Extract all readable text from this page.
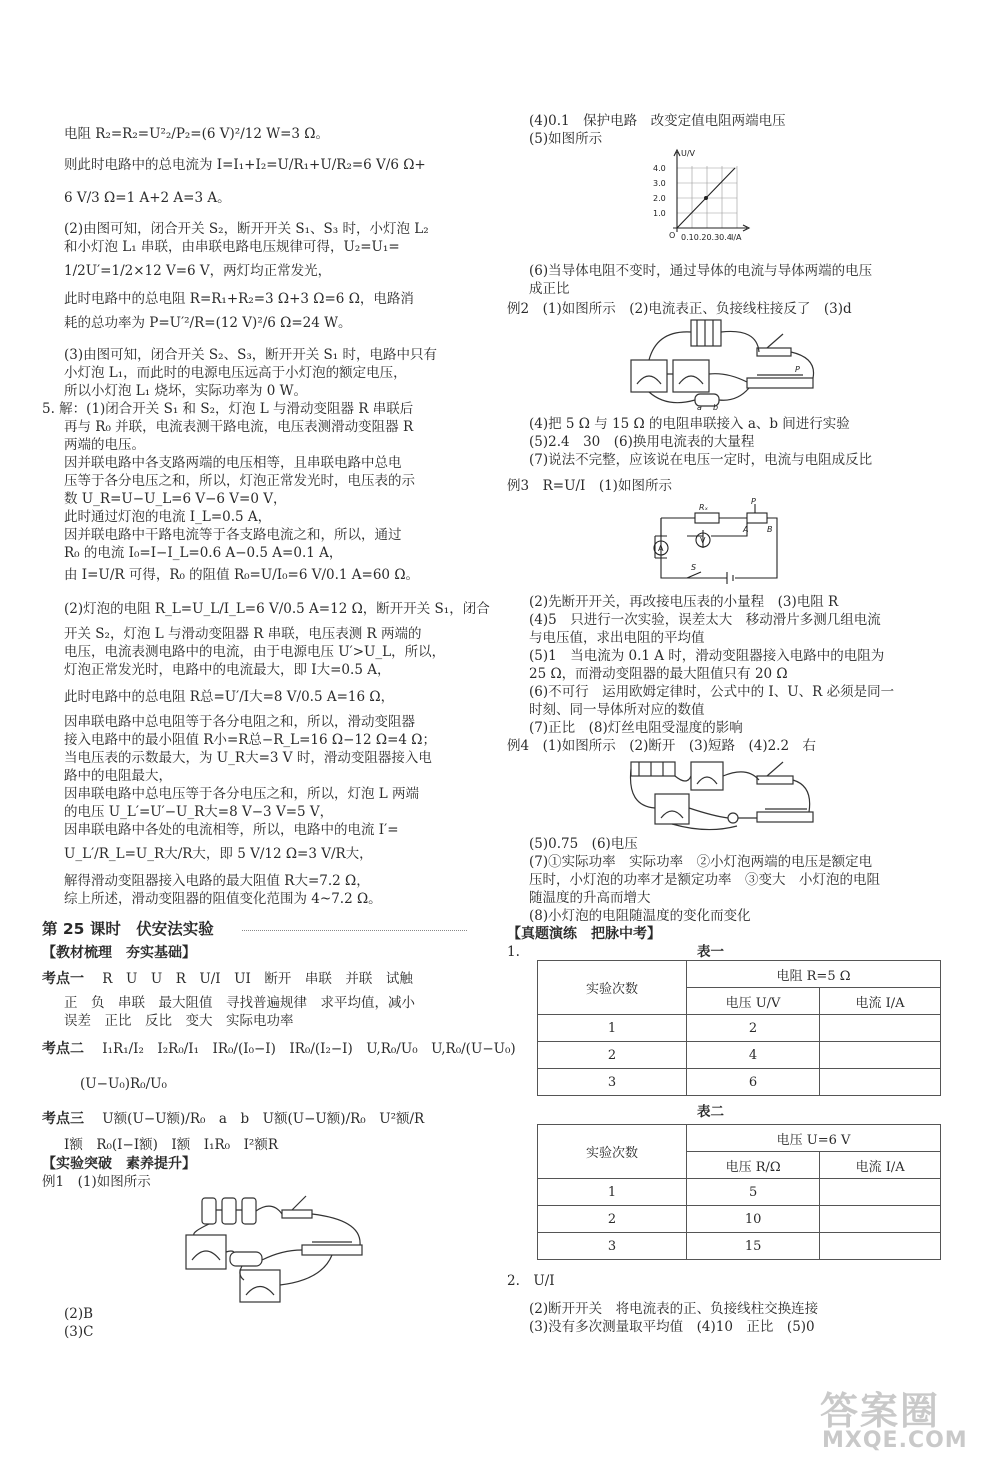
电阻 R₂=R₂=U²₂/P₂=(6 V)²/12 W=3 Ω。
则此时电路中的总电流为 I=I₁+I₂=U/R₁+U/R₂=6 V/6 Ω+
6 V/3 Ω=1 A+2 A=3 A。
(2)由图可知，闭合开关 S₂，断开开关 S₁、S₃ 时，小灯泡 L₂
和小灯泡 L₁ 串联，由串联电路电压规律可得，U₂=U₁=
1/2U′=1/2×12 V=6 V，两灯均正常发光，
此时电路中的总电阻 R=R₁+R₂=3 Ω+3 Ω=6 Ω，电路消
耗的总功率为 P=U′²/R=(12 V)²/6 Ω=24 W。
(3)由图可知，闭合开关 S₂、S₃，断开开关 S₁ 时，电路中只有
小灯泡 L₁，而此时的电源电压远高于小灯泡的额定电压，
所以小灯泡 L₁ 烧坏，实际功率为 0 W。
5. 解：(1)闭合开关 S₁ 和 S₂，灯泡 L 与滑动变阻器 R 串联后
再与 R₀ 并联，电流表测干路电流，电压表测滑动变阻器 R
两端的电压。
因并联电路中各支路两端的电压相等，且串联电路中总电
压等于各分电压之和，所以，灯泡正常发光时，电压表的示
数 U_R=U−U_L=6 V−6 V=0 V，
此时通过灯泡的电流 I_L=0.5 A，
因并联电路中干路电流等于各支路电流之和，所以，通过
R₀ 的电流 I₀=I−I_L=0.6 A−0.5 A=0.1 A，
由 I=U/R 可得，R₀ 的阻值 R₀=U/I₀=6 V/0.1 A=60 Ω。
(2)灯泡的电阻 R_L=U_L/I_L=6 V/0.5 A=12 Ω，断开开关 S₁，闭合
开关 S₂，灯泡 L 与滑动变阻器 R 串联，电压表测 R 两端的
电压，电流表测电路中的电流，由于电源电压 U′>U_L，所以，
灯泡正常发光时，电路中的电流最大，即 I大=0.5 A，
此时电路中的总电阻 R总=U′/I大=8 V/0.5 A=16 Ω，
因串联电路中总电阻等于各分电阻之和，所以，滑动变阻器
接入电路中的最小阻值 R小=R总−R_L=16 Ω−12 Ω=4 Ω；
当电压表的示数最大，为 U_R大=3 V 时，滑动变阻器接入电
路中的电阻最大，
因串联电路中总电压等于各分电压之和，所以，灯泡 L 两端
的电压 U_L′=U′−U_R大=8 V−3 V=5 V，
因串联电路中各处的电流相等，所以，电路中的电流 I′=
U_L′/R_L=U_R大/R大，即 5 V/12 Ω=3 V/R大，
解得滑动变阻器接入电路的最大阻值 R大=7.2 Ω，
综上所述，滑动变阻器的阻值变化范围为 4~7.2 Ω。
第 25 课时 伏安法实验
【教材梳理　夯实基础】
考点一 R　U　U　R　U/I　UI　断开　串联　并联　试触
正　负　串联　最大阻值　寻找普遍规律　求平均值，减小
误差　正比　反比　变大　实际电功率
考点二 I₁R₁/I₂　I₂R₀/I₁　IR₀/(I₀−I)　IR₀/(I₂−I)　U,R₀/U₀　U,R₀/(U−U₀)
(U−U₀)R₀/U₀
考点三 U额(U−U额)/R₀　a　b　U额(U−U额)/R₀　U²额/R
I额　R₀(I−I额)　I额　I₁R₀　I²额R
【实验突破　素养提升】
例1　(1)如图所示
(2)B
(3)C
(4)0.1　保护电路　改变定值电阻两端电压
(5)如图所示
U/V
I/A
4.0
3.0
2.0
1.0
O 0.10.20.30.4
(6)当导体电阻不变时，通过导体的电流与导体两端的电压
成正比
例2　(1)如图所示　(2)电流表正、负接线柱接反了　(3)d
P
a b
(4)把 5 Ω 与 15 Ω 的电阻串联接入 a、b 间进行实验
(5)2.4　30　(6)换用电流表的大量程
(7)说法不完整，应该说在电压一定时，电流与电阻成反比
例3　R=U/I　(1)如图所示
A
V
Rₓ
P
A B
S
(2)先断开开关，再改接电压表的小量程　(3)电阻 R
(4)5　只进行一次实验，误差太大　移动滑片多测几组电流
与电压值，求出电阻的平均值
(5)1　当电流为 0.1 A 时，滑动变阻器接入电路中的电阻为
25 Ω，而滑动变阻器的最大阻值只有 20 Ω
(6)不可行　运用欧姆定律时，公式中的 I、U、R 必须是同一
时刻、同一导体所对应的数值
(7)正比　(8)灯丝电阻受湿度的影响
例4　(1)如图所示　(2)断开　(3)短路　(4)2.2　右
(5)0.75　(6)电压
(7)①实际功率　实际功率　②小灯泡两端的电压是额定电
压时，小灯泡的功率才是额定功率　③变大　小灯泡的电阻
随温度的升高而增大
(8)小灯泡的电阻随温度的变化而变化
【真题演练　把脉中考】
1.	表一
实验次数	电阻 R=5 Ω	
	电压 U/V	电流 I/A
1	2	
2	4	
3	6	
表二
实验次数	电压 U=6 V	
	电压 R/Ω	电流 I/A
1	5	
2	10	
3	15	
2.　U/I
(2)断开开关　将电流表的正、负接线柱交换连接
(3)没有多次测量取平均值　(4)10　正比　(5)0
答案圈
MXQE.COM
